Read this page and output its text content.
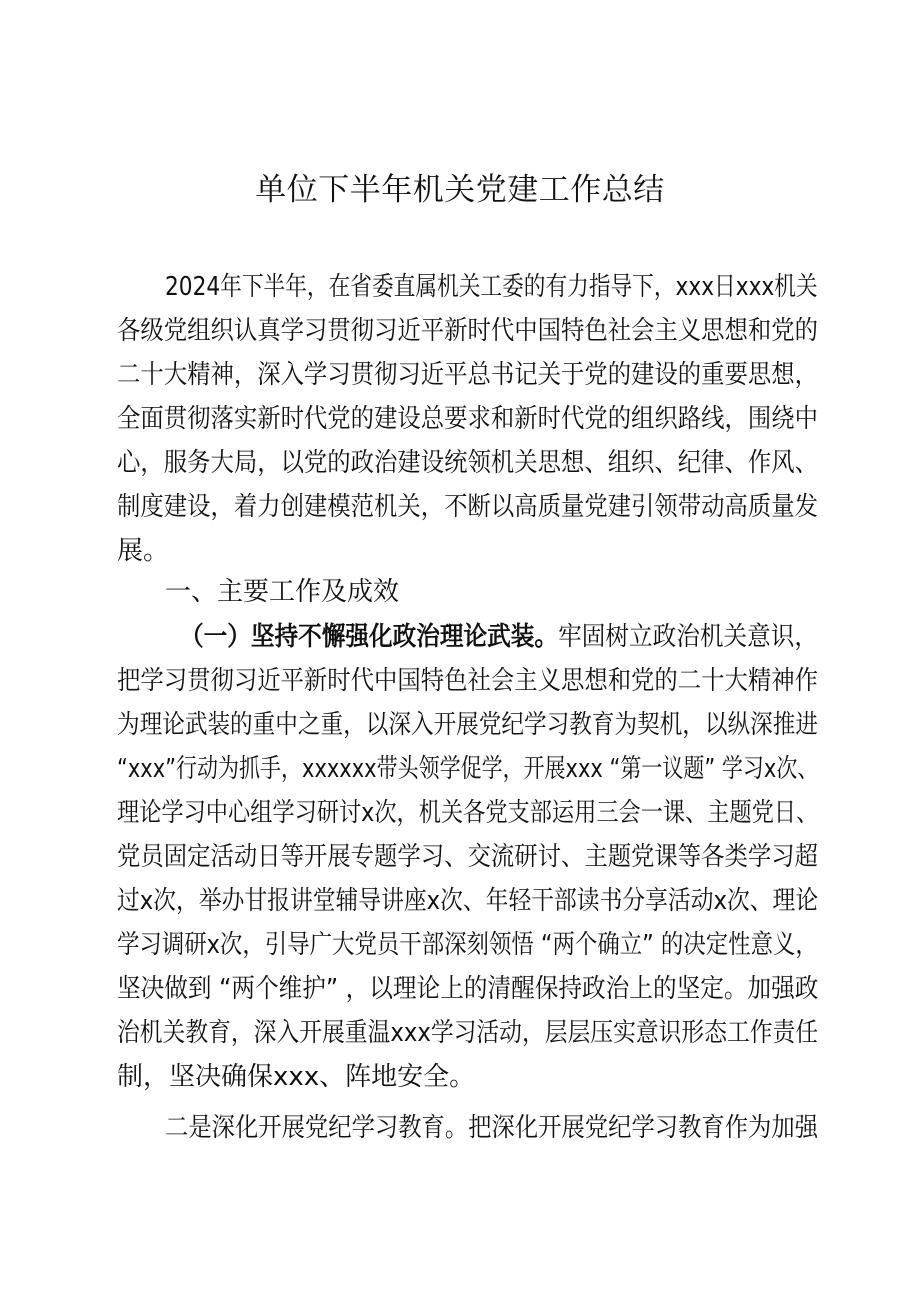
单位下半年机关党建工作总结
2024年下半年，在省委直属机关工委的有力指导下，xxx日xxx机关
各级党组织认真学习贯彻习近平新时代中国特色社会主义思想和党的
二十大精神，深入学习贯彻习近平总书记关于党的建设的重要思想，
全面贯彻落实新时代党的建设总要求和新时代党的组织路线，围绕中
心，服务大局，以党的政治建设统领机关思想、组织、纪律、作风、
制度建设，着力创建模范机关，不断以高质量党建引领带动高质量发
展。
一、主要工作及成效
（一）坚持不懈强化政治理论武装。牢固树立政治机关意识，
把学习贯彻习近平新时代中国特色社会主义思想和党的二十大精神作
为理论武装的重中之重，以深入开展党纪学习教育为契机，以纵深推进
“xxx”行动为抓手，xxxxxx带头领学促学，开展xxx “第一议题” 学习x次、
理论学习中心组学习研讨x次，机关各党支部运用三会一课、主题党日、
党员固定活动日等开展专题学习、交流研讨、主题党课等各类学习超
过x次，举办甘报讲堂辅导讲座x次、年轻干部读书分享活动x次、理论
学习调研x次，引导广大党员干部深刻领悟 “两个确立” 的决定性意义，
坚决做到 “两个维护” ，以理论上的清醒保持政治上的坚定。加强政
治机关教育，深入开展重温xxx学习活动，层层压实意识形态工作责任
制，坚决确保xxx、阵地安全。
二是深化开展党纪学习教育。把深化开展党纪学习教育作为加强
